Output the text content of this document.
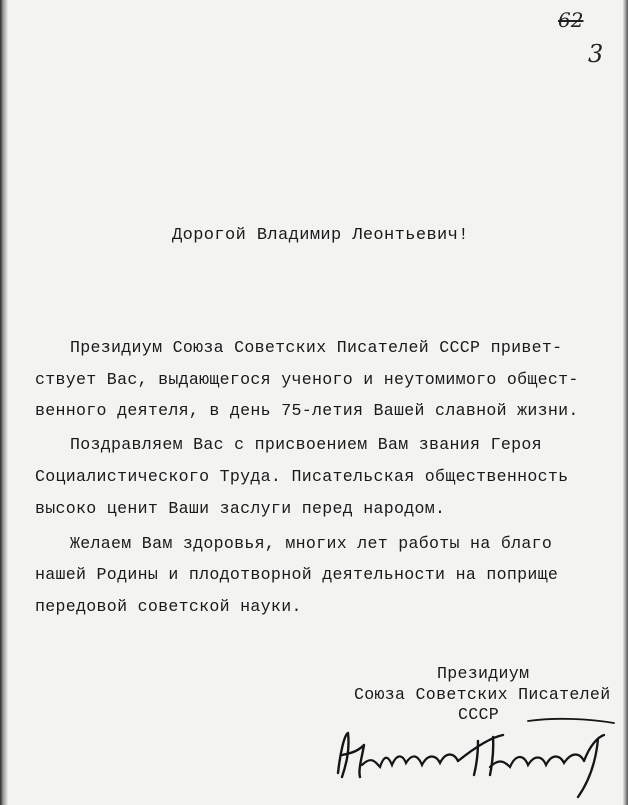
62
3
Дорогой Владимир Леонтьевич!
Президиум Союза Советских Писателей СССР привет-
ствует Вас, выдающегося ученого и неутомимого общест-
венного деятеля, в день 75-летия Вашей славной жизни.
Поздравляем Вас с присвоением Вам звания Героя
Социалистического Труда. Писательская общественность
высоко ценит Ваши заслуги перед народом.
Желаем Вам здоровья, многих лет работы на благо
нашей Родины и плодотворной деятельности на поприще
передовой советской науки.
Президиум
Союза Советских Писателей
СССР
